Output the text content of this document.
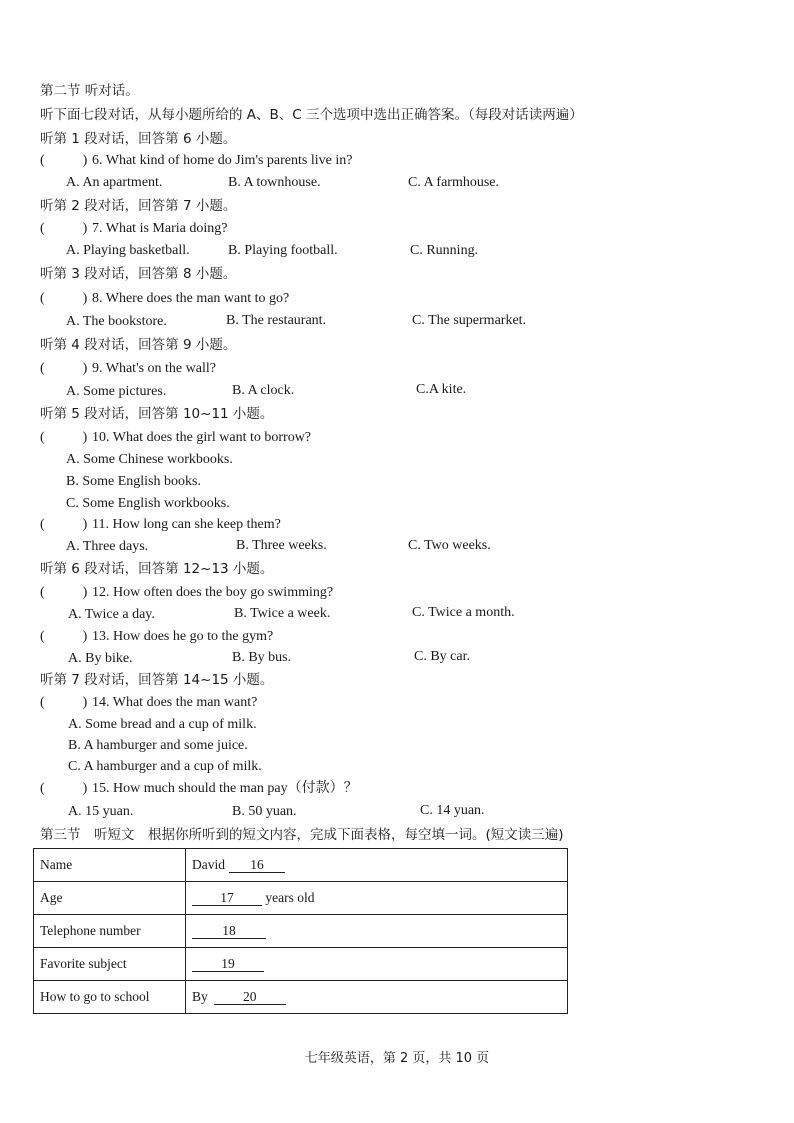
第二节 听对话。
听下面七段对话，从每小题所给的 A、B、C 三个选项中选出正确答案。（每段对话读两遍）
听第 1 段对话，回答第 6 小题。
(	) 6. What kind of home do Jim's parents live in?
A. An apartment.	B. A townhouse.	C. A farmhouse.
听第 2 段对话，回答第 7 小题。
(	) 7. What is Maria doing?
A. Playing basketball.	B. Playing football.	C. Running.
听第 3 段对话，回答第 8 小题。
(	) 8. Where does the man want to go?
A. The bookstore.	B. The restaurant.	C. The supermarket.
听第 4 段对话，回答第 9 小题。
(	) 9. What's on the wall?
A. Some pictures.	B. A clock.	C.A kite.
听第 5 段对话，回答第 10~11 小题。
(	) 10. What does the girl want to borrow?
A. Some Chinese workbooks.
B. Some English books.
C. Some English workbooks.
(	) 11. How long can she keep them?
A. Three days.	B. Three weeks.	C. Two weeks.
听第 6 段对话，回答第 12~13 小题。
(	) 12. How often does the boy go swimming?
A. Twice a day.	B. Twice a week.	C. Twice a month.
(	) 13. How does he go to the gym?
A. By bike.	B. By bus.	C. By car.
听第 7 段对话，回答第 14~15 小题。
(	) 14. What does the man want?
A. Some bread and a cup of milk.
B. A hamburger and some juice.
C. A hamburger and a cup of milk.
(	) 15. How much should the man pay（付款）？
A. 15 yuan.	B. 50 yuan.	C. 14 yuan.
第三节　听短文　根据你所听到的短文内容，完成下面表格，每空填一词。(短文读三遍)
Name	David 16
Age	17 years old
Telephone number	18
Favorite subject	19
How to go to school	By 20
七年级英语，第 2 页，共 10 页
